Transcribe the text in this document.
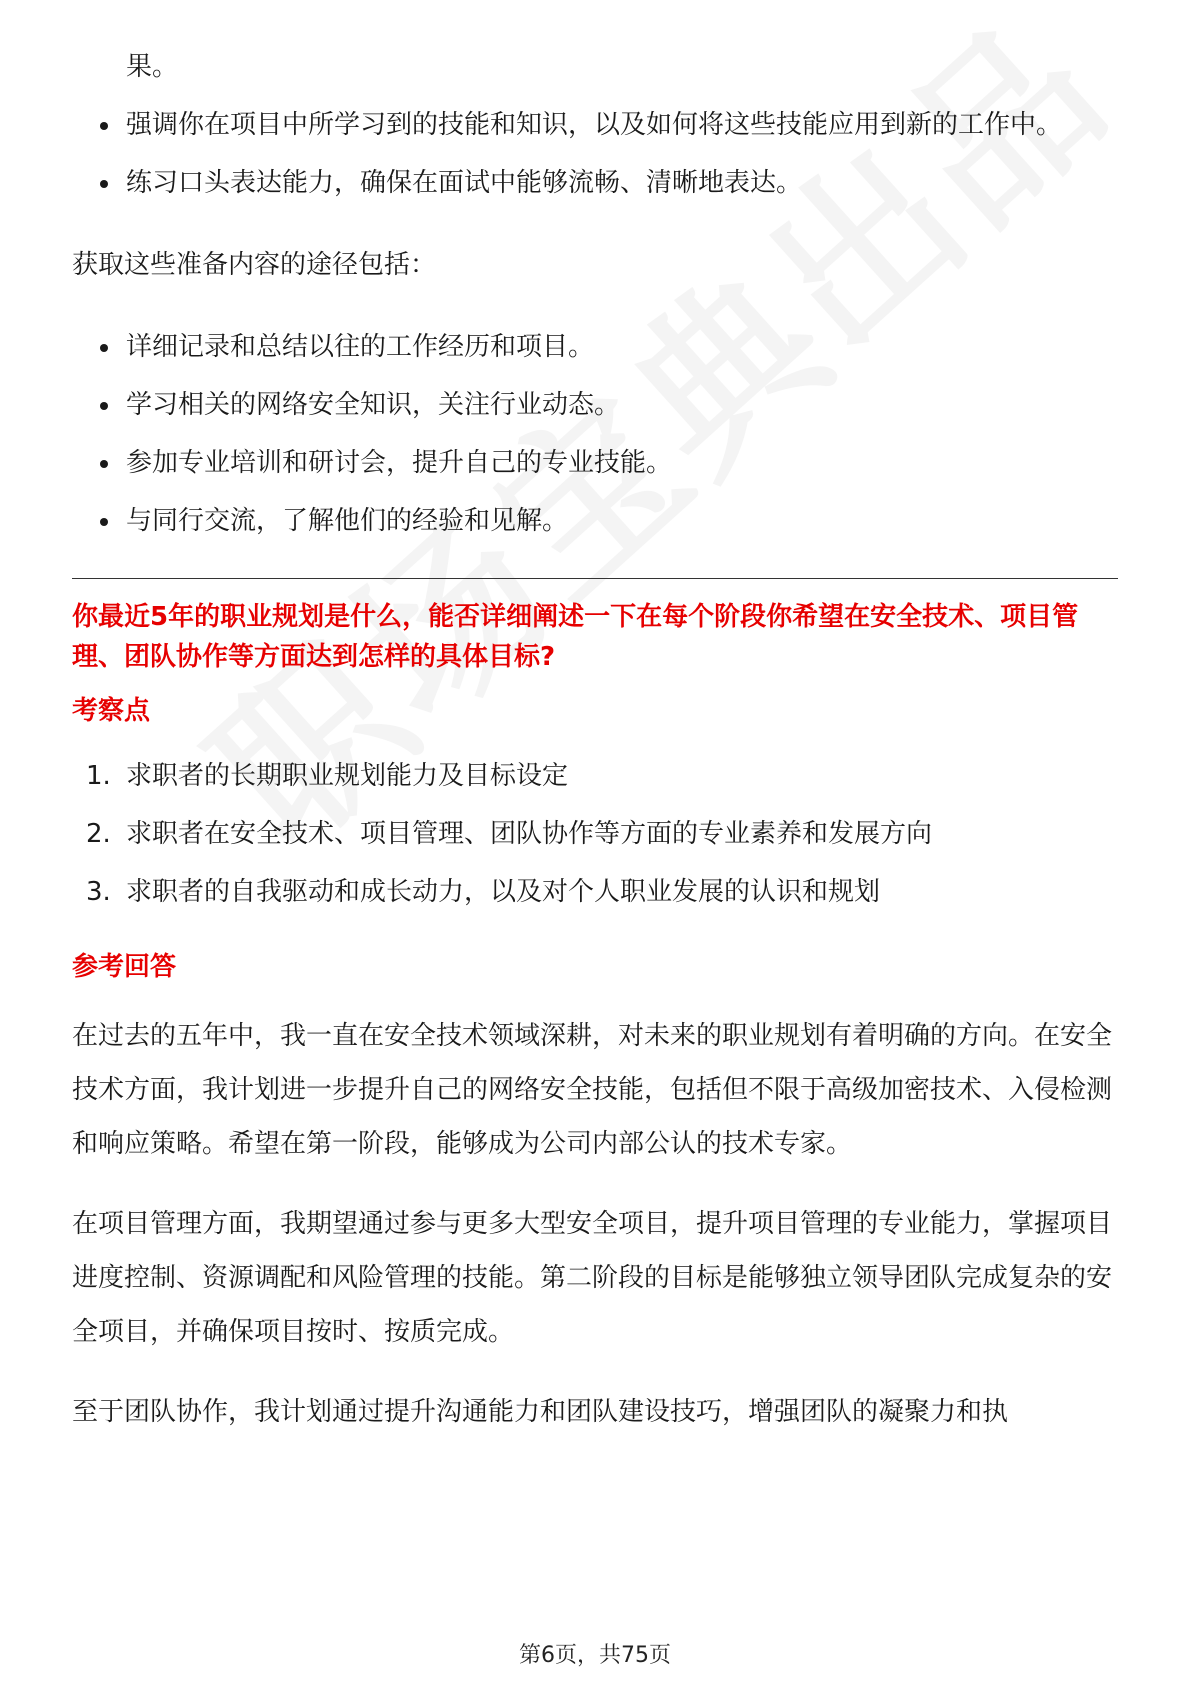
果。

强调你在项目中所学习到的技能和知识，以及如何将这些技能应用到新的工作中。
练习口头表达能力，确保在面试中能够流畅、清晰地表达。

获取这些准备内容的途径包括：

详细记录和总结以往的工作经历和项目。
学习相关的网络安全知识，关注行业动态。
参加专业培训和研讨会，提升自己的专业技能。
与同行交流，了解他们的经验和见解。

你最近5年的职业规划是什么，能否详细阐述一下在每个阶段你希望在安全技术、项目管理、团队协作等方面达到怎样的具体目标?

考察点

1. 求职者的长期职业规划能力及目标设定
2. 求职者在安全技术、项目管理、团队协作等方面的专业素养和发展方向
3. 求职者的自我驱动和成长动力，以及对个人职业发展的认识和规划

参考回答

在过去的五年中，我一直在安全技术领域深耕，对未来的职业规划有着明确的方向。在安全技术方面，我计划进一步提升自己的网络安全技能，包括但不限于高级加密技术、入侵检测和响应策略。希望在第一阶段，能够成为公司内部公认的技术专家。

在项目管理方面，我期望通过参与更多大型安全项目，提升项目管理的专业能力，掌握项目进度控制、资源调配和风险管理的技能。第二阶段的目标是能够独立领导团队完成复杂的安全项目，并确保项目按时、按质完成。

至于团队协作，我计划通过提升沟通能力和团队建设技巧，增强团队的凝聚力和执

第6页，共75页
